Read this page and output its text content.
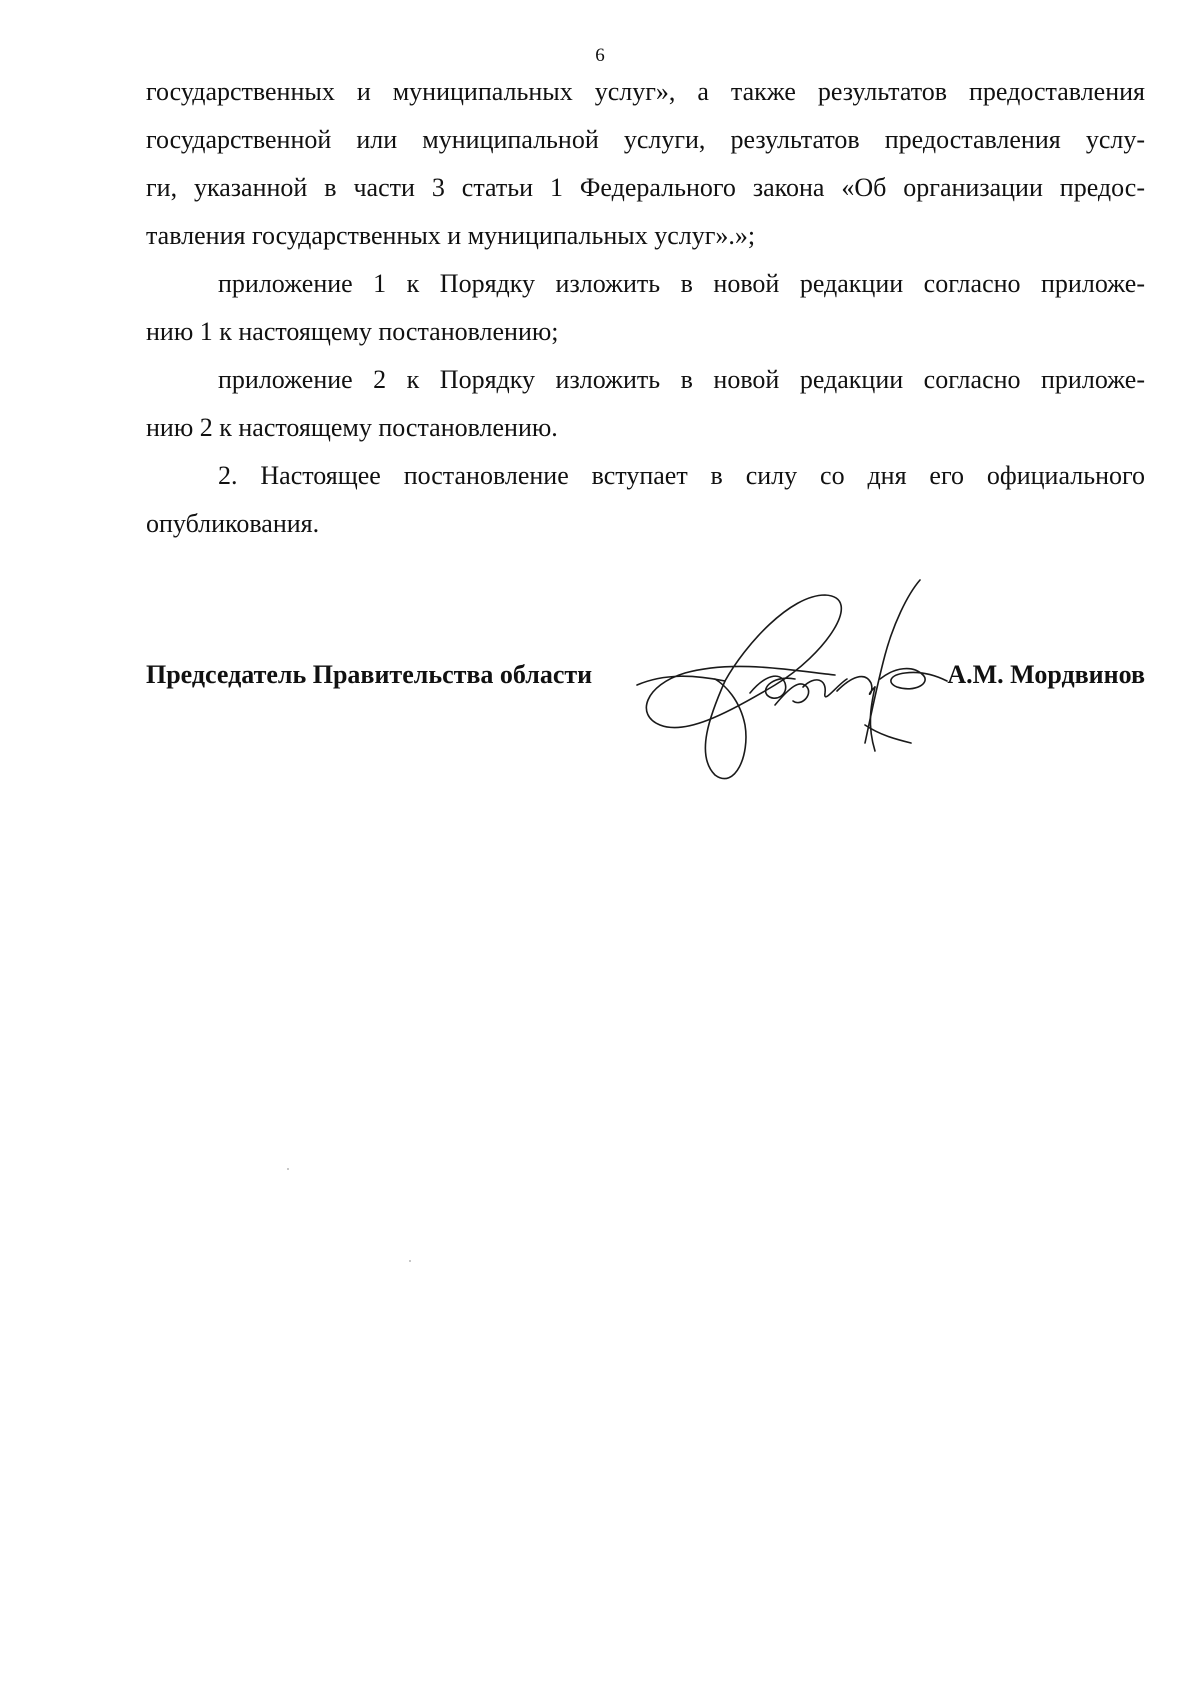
6
государственных и муниципальных услуг», а также результатов предоставления
государственной или муниципальной услуги, результатов предоставления услу-
ги, указанной в части 3 статьи 1 Федерального закона «Об организации предос-
тавления государственных и муниципальных услуг».»;
приложение 1 к Порядку изложить в новой редакции согласно приложе-
нию 1 к настоящему постановлению;
приложение 2 к Порядку изложить в новой редакции согласно приложе-
нию 2 к настоящему постановлению.
2. Настоящее постановление вступает в силу со дня его официального
опубликования.
Председатель Правительства области	А.М. Мордвинов
